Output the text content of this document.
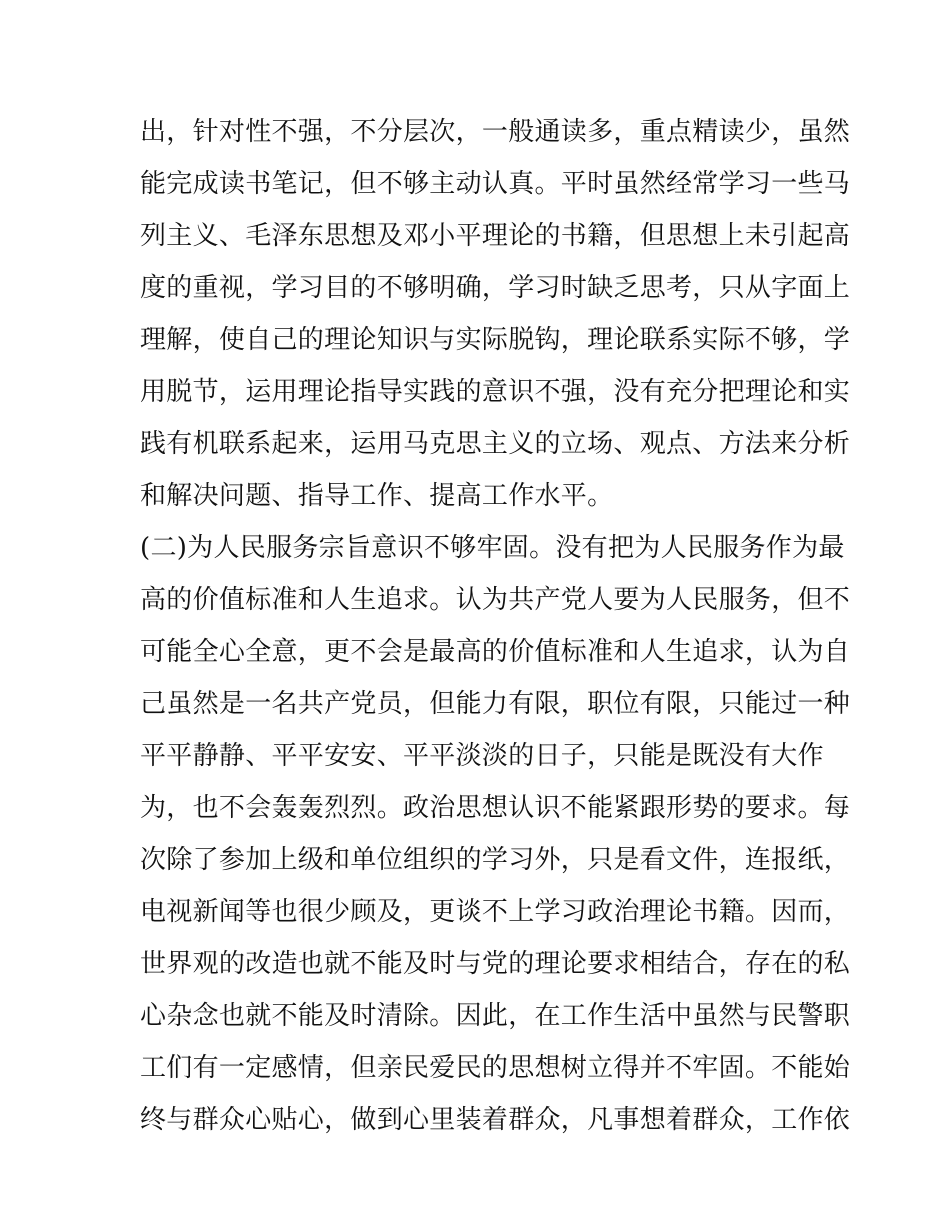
出，针对性不强，不分层次，一般通读多，重点精读少，虽然
能完成读书笔记，但不够主动认真。平时虽然经常学习一些马
列主义、毛泽东思想及邓小平理论的书籍，但思想上未引起高
度的重视，学习目的不够明确，学习时缺乏思考，只从字面上
理解，使自己的理论知识与实际脱钩，理论联系实际不够，学
用脱节，运用理论指导实践的意识不强，没有充分把理论和实
践有机联系起来，运用马克思主义的立场、观点、方法来分析
和解决问题、指导工作、提高工作水平。
(二)为人民服务宗旨意识不够牢固。没有把为人民服务作为最
高的价值标准和人生追求。认为共产党人要为人民服务，但不
可能全心全意，更不会是最高的价值标准和人生追求，认为自
己虽然是一名共产党员，但能力有限，职位有限，只能过一种
平平静静、平平安安、平平淡淡的日子，只能是既没有大作
为，也不会轰轰烈烈。政治思想认识不能紧跟形势的要求。每
次除了参加上级和单位组织的学习外，只是看文件，连报纸，
电视新闻等也很少顾及，更谈不上学习政治理论书籍。因而，
世界观的改造也就不能及时与党的理论要求相结合，存在的私
心杂念也就不能及时清除。因此，在工作生活中虽然与民警职
工们有一定感情，但亲民爱民的思想树立得并不牢固。不能始
终与群众心贴心，做到心里装着群众，凡事想着群众，工作依
